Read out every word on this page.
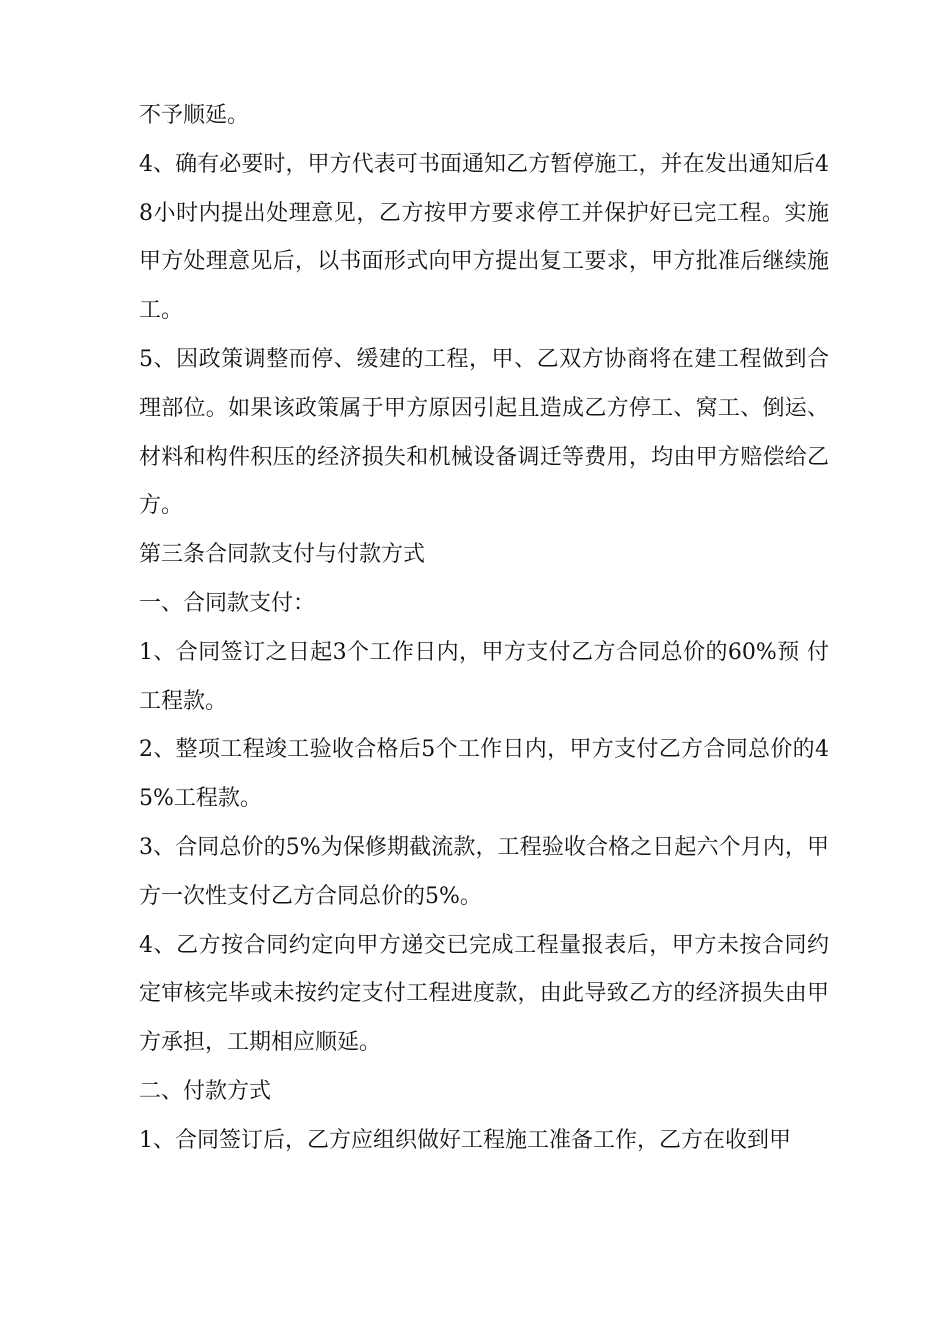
不予顺延。

4、确有必要时，甲方代表可书面通知乙方暂停施工，并在发出通知后48小时内提出处理意见，乙方按甲方要求停工并保护好已完工程。实施甲方处理意见后，以书面形式向甲方提出复工要求，甲方批准后继续施工。

5、因政策调整而停、缓建的工程，甲、乙双方协商将在建工程做到合理部位。如果该政策属于甲方原因引起且造成乙方停工、窝工、倒运、材料和构件积压的经济损失和机械设备调迁等费用，均由甲方赔偿给乙方。

第三条合同款支付与付款方式

一、合同款支付：

1、合同签订之日起3个工作日内，甲方支付乙方合同总价的60%预 付工程款。

2、整项工程竣工验收合格后5个工作日内，甲方支付乙方合同总价的45%工程款。

3、合同总价的5%为保修期截流款，工程验收合格之日起六个月内，甲方一次性支付乙方合同总价的5%。

4、乙方按合同约定向甲方递交已完成工程量报表后，甲方未按合同约定审核完毕或未按约定支付工程进度款，由此导致乙方的经济损失由甲方承担，工期相应顺延。

二、付款方式

1、合同签订后，乙方应组织做好工程施工准备工作，乙方在收到甲
